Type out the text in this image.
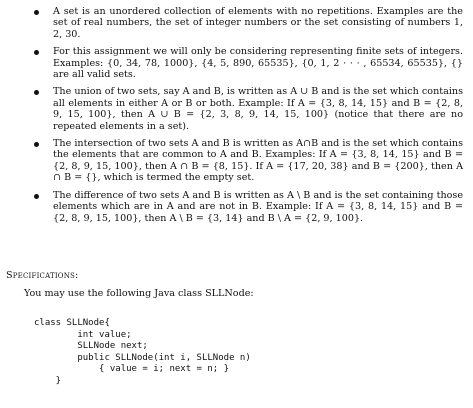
A set is an unordered collection of elements with no repetitions. Examples are the set of real numbers, the set of integer numbers or the set consisting of numbers 1, 2, 30.
For this assignment we will only be considering representing finite sets of integers. Examples: {0, 34, 78, 1000}, {4, 5, 890, 65535}, {0, 1, 2 · · · , 65534, 65535}, {} are all valid sets.
The union of two sets, say A and B, is written as A ∪ B and is the set which contains all elements in either A or B or both. Example: If A = {3, 8, 14, 15} and B = {2, 8, 9, 15, 100}, then A ∪ B = {2, 3, 8, 9, 14, 15, 100} (notice that there are no repeated elements in a set).
The intersection of two sets A and B is written as A∩B and is the set which contains the elements that are common to A and B. Examples: If A = {3, 8, 14, 15} and B = {2, 8, 9, 15, 100}, then A ∩ B = {8, 15}. If A = {17, 20, 38} and B = {200}, then A ∩ B = {}, which is termed the empty set.
The difference of two sets A and B is written as A \ B and is the set containing those elements which are in A and are not in B. Example: If A = {3, 8, 14, 15} and B = {2, 8, 9, 15, 100}, then A \ B = {3, 14} and B \ A = {2, 9, 100}.
Specifications:
You may use the following Java class SLLNode:
class SLLNode{
int value;
SLLNode next;
public SLLNode(int i, SLLNode n)
{ value = i; next = n; }
}
